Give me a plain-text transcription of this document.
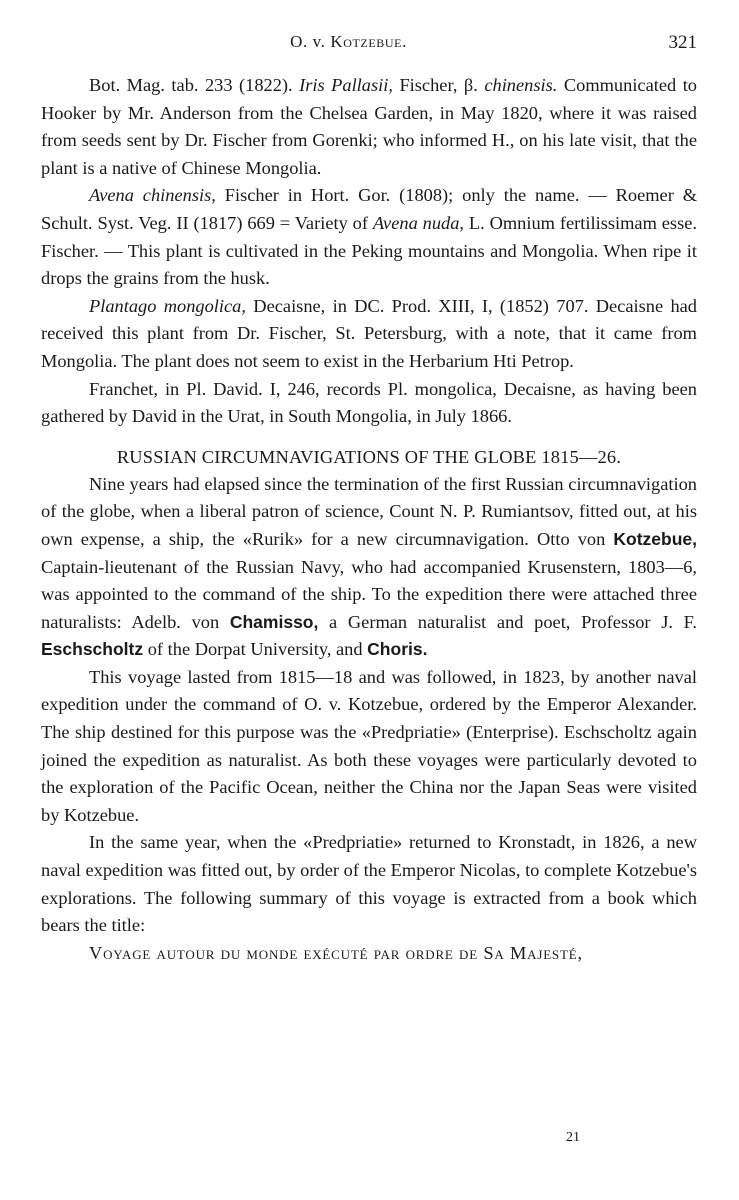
O. v. Kotzebue.	321

Bot. Mag. tab. 233 (1822). Iris Pallasii, Fischer, β. chinensis. Communicated to Hooker by Mr. Anderson from the Chelsea Garden, in May 1820, where it was raised from seeds sent by Dr. Fischer from Gorenki; who informed H., on his late visit, that the plant is a native of Chinese Mongolia.

Avena chinensis, Fischer in Hort. Gor. (1808); only the name. — Roemer & Schult. Syst. Veg. II (1817) 669 = Variety of Avena nuda, L. Omnium fertilissimam esse. Fischer. — This plant is cultivated in the Peking mountains and Mongolia. When ripe it drops the grains from the husk.

Plantago mongolica, Decaisne, in DC. Prod. XIII, I, (1852) 707. Decaisne had received this plant from Dr. Fischer, St. Petersburg, with a note, that it came from Mongolia. The plant does not seem to exist in the Herbarium Hti Petrop.

Franchet, in Pl. David. I, 246, records Pl. mongolica, Decaisne, as having been gathered by David in the Urat, in South Mongolia, in July 1866.

RUSSIAN CIRCUMNAVIGATIONS OF THE GLOBE 1815—26.

Nine years had elapsed since the termination of the first Russian circumnavigation of the globe, when a liberal patron of science, Count N. P. Rumiantsov, fitted out, at his own expense, a ship, the «Rurik» for a new circumnavigation. Otto von Kotzebue, Captain-lieutenant of the Russian Navy, who had accompanied Krusenstern, 1803—6, was appointed to the command of the ship. To the expedition there were attached three naturalists: Adelb. von Chamisso, a German naturalist and poet, Professor J. F. Eschscholtz of the Dorpat University, and Choris.

This voyage lasted from 1815—18 and was followed, in 1823, by another naval expedition under the command of O. v. Kotzebue, ordered by the Emperor Alexander. The ship destined for this purpose was the «Predpriatie» (Enterprise). Eschscholtz again joined the expedition as naturalist. As both these voyages were particularly devoted to the exploration of the Pacific Ocean, neither the China nor the Japan Seas were visited by Kotzebue.

In the same year, when the «Predpriatie» returned to Kronstadt, in 1826, a new naval expedition was fitted out, by order of the Emperor Nicolas, to complete Kotzebue's explorations. The following summary of this voyage is extracted from a book which bears the title:

Voyage autour du monde exécuté par ordre de Sa Majesté,

21
